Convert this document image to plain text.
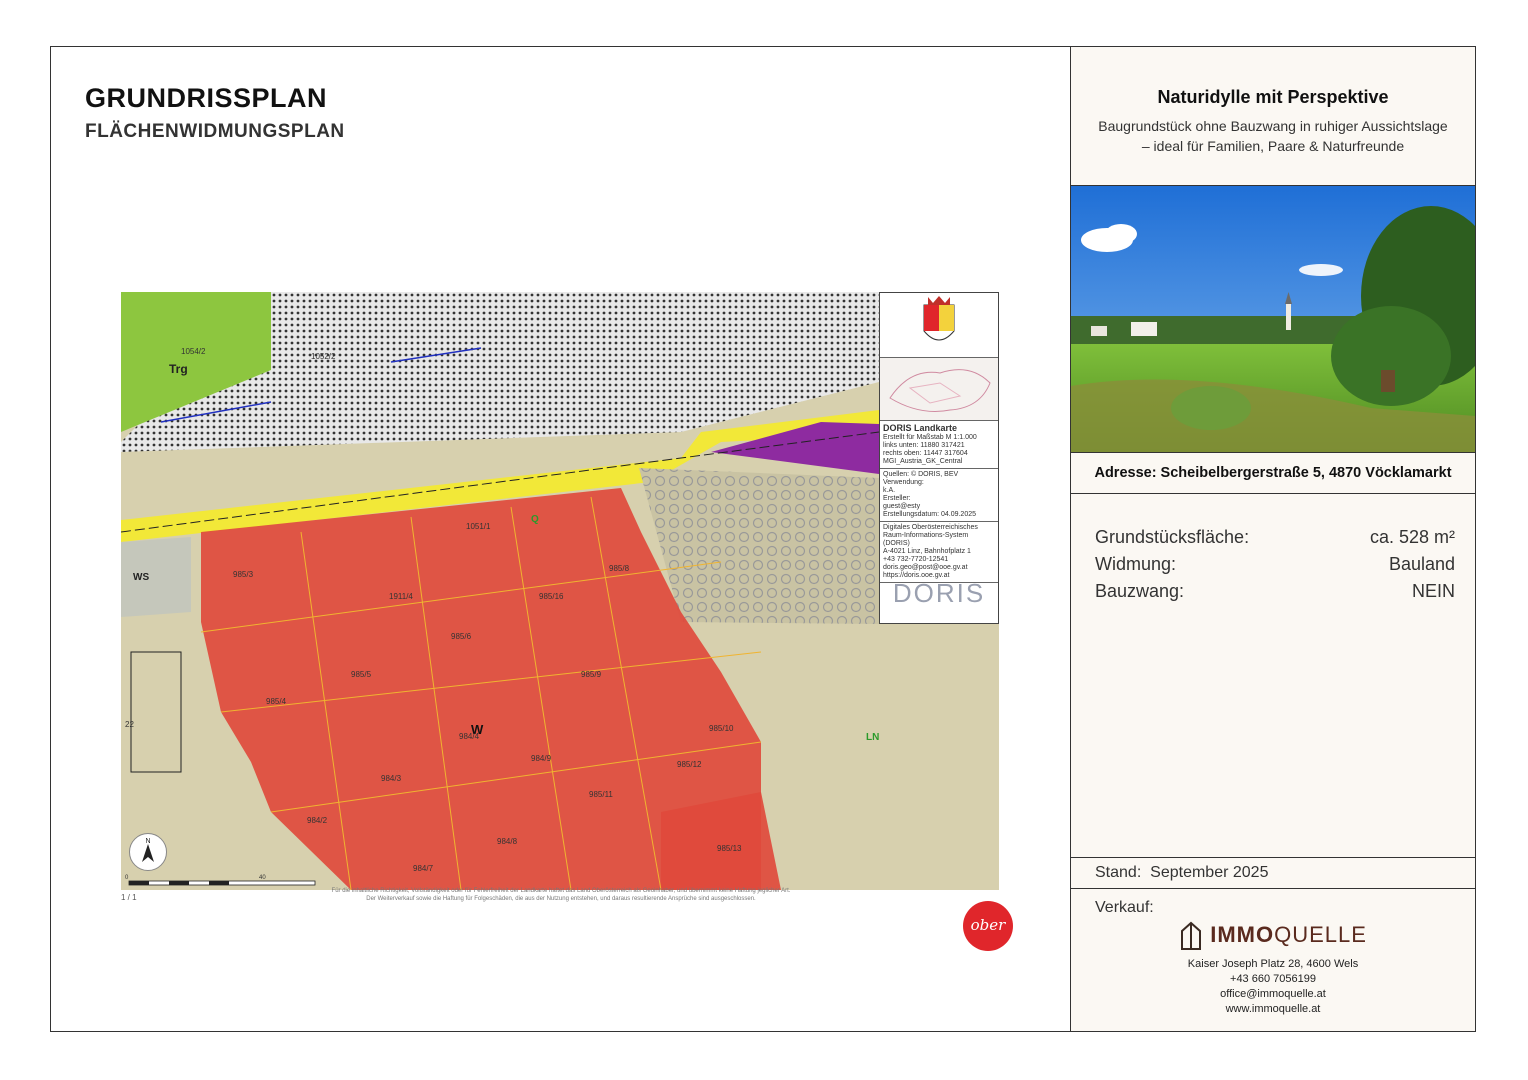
GRUNDRISSPLAN
FLÄCHENWIDMUNGSPLAN
DORIS Landkarte
Erstellt für Maßstab M 1:1.000
links unten: 11880 317421
rechts oben: 11447 317604
MGI_Austria_GK_Central
Quellen: © DORIS, BEV
Verwendung:
k.A.
Ersteller:
guest@esty
Erstellungsdatum: 04.09.2025
Digitales Oberösterreichisches
Raum-Informations-System (DORIS)
A-4021 Linz, Bahnhofplatz 1
+43 732-7720-12541
doris.geo@post@ooe.gv.at
https://doris.ooe.gv.at
DORIS
Trg
W
WS
LN
Q
1054/2
1052/2
1051/1
985/3
985/8
985/16
1911/4
985/6
985/5	985/9
985/4
984/4
984/9
985/12
985/11
984/3
984/2
984/8
984/7
985/13
985/10
22
N
0	40
1 / 1
Für die inhaltliche Richtigkeit, Vollständigkeit oder für Fehlerfreiheit der Landkarte haftet das Land Oberösterreich als Geoinhaber, und übernimmt keine Haftung jeglicher Art.
Der Weiterverkauf sowie die Haftung für Folgeschäden, die aus der Nutzung entstehen, und daraus resultierende Ansprüche sind ausgeschlossen.
ober
Naturidylle mit Perspektive
Baugrundstück ohne Bauzwang in ruhiger Aussichtslage
– ideal für Familien, Paare & Naturfreunde
Adresse: Scheibelbergerstraße 5, 4870 Vöcklamarkt
Grundstücksfläche:	ca. 528 m²
Widmung:	Bauland
Bauzwang:	NEIN
Stand: September 2025
Verkauf:
IMMOQUELLE
Kaiser Joseph Platz 28, 4600 Wels
+43 660 7056199
office@immoquelle.at
www.immoquelle.at
